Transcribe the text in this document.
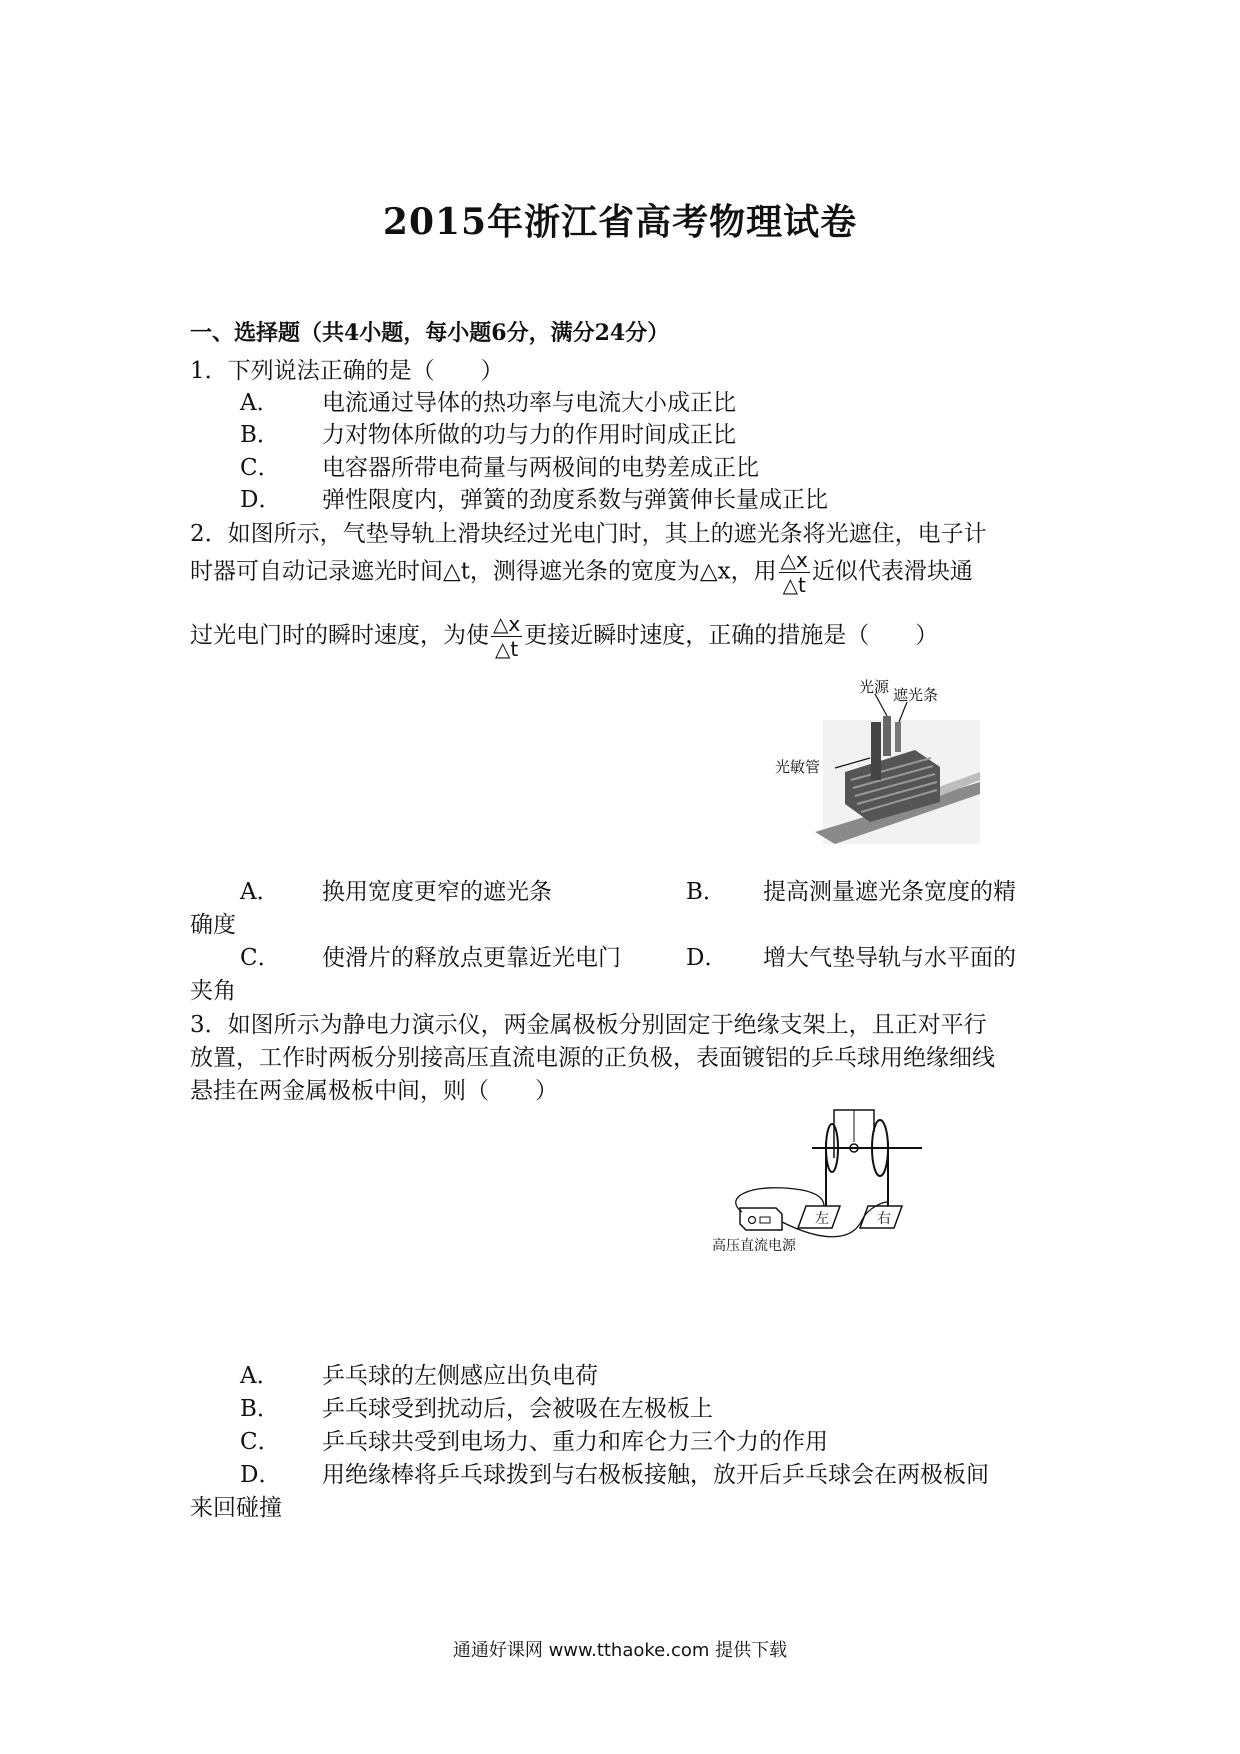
2015年浙江省高考物理试卷
一、选择题（共4小题，每小题6分，满分24分）
1．下列说法正确的是（　　）
A． 电流通过导体的热功率与电流大小成正比
B． 力对物体所做的功与力的作用时间成正比
C． 电容器所带电荷量与两极间的电势差成正比
D． 弹性限度内，弹簧的劲度系数与弹簧伸长量成正比
2．如图所示，气垫导轨上滑块经过光电门时，其上的遮光条将光遮住，电子计
时器可自动记录遮光时间△t，测得遮光条的宽度为△x，用 $\frac{\triangle x}{\triangle t}$ 近似代表滑块通
过光电门时的瞬时速度，为使 $\frac{\triangle x}{\triangle t}$ 更接近瞬时速度，正确的措施是（　　）
光源 遮光条
光敏管
A． 换用宽度更窄的遮光条	B． 提高测量遮光条宽度的精
确度
C． 使滑片的释放点更靠近光电门	D． 增大气垫导轨与水平面的
夹角
3．如图所示为静电力演示仪，两金属极板分别固定于绝缘支架上，且正对平行
放置，工作时两板分别接高压直流电源的正负极，表面镀铝的乒乓球用绝缘细线
悬挂在两金属极板中间，则（　　）
左	右
高压直流电源
A． 乒乓球的左侧感应出负电荷
B． 乒乓球受到扰动后，会被吸在左极板上
C． 乒乓球共受到电场力、重力和库仑力三个力的作用
D． 用绝缘棒将乒乓球拨到与右极板接触，放开后乒乓球会在两极板间
来回碰撞
通通好课网 www.tthaoke.com 提供下载
